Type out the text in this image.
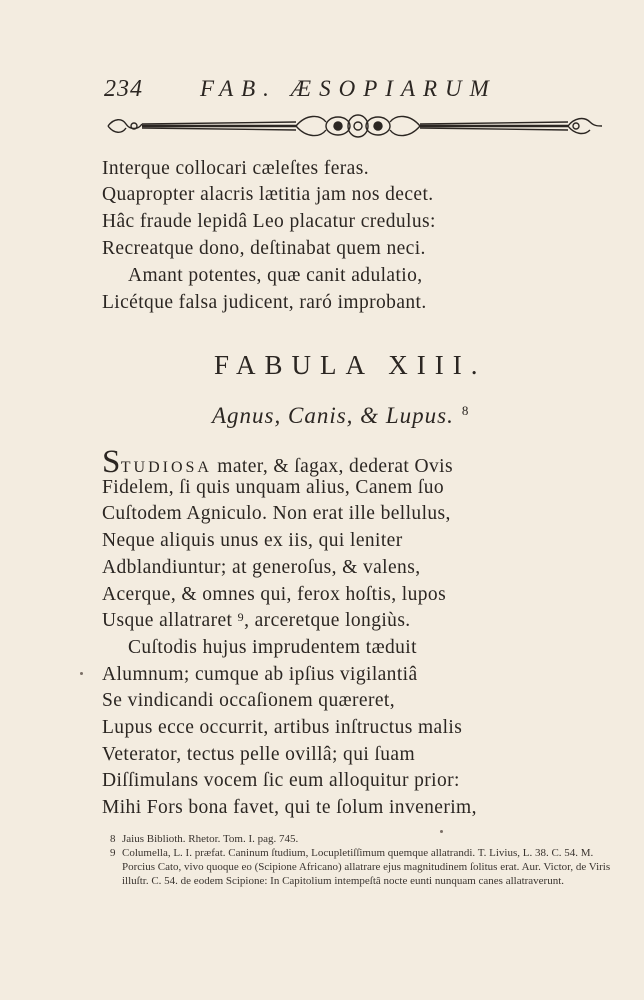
234 FAB. ÆSOPIARUM
Interque collocari cæleſtes feras.
Quapropter alacris lætitia jam nos decet.
Hâc fraude lepidâ Leo placatur credulus:
Recreatque dono, deſtinabat quem neci.
Amant potentes, quæ canit adulatio,
Licétque falsa judicent, raró improbant.
FABULA XIII.
Agnus, Canis, & Lupus. $^8$
STUDIOSA mater, & ſagax, dederat Ovis
Fidelem, ſi quis unquam alius, Canem ſuo
Cuſtodem Agniculo. Non erat ille bellulus,
Neque aliquis unus ex iis, qui leniter
Adblandiuntur; at generoſus, & valens,
Acerque, & omnes qui, ferox hoſtis, lupos
Usque allatraret $^9$, arceretque longiùs.
Cuſtodis hujus imprudentem tæduit
Alumnum; cumque ab ipſius vigilantiâ
Se vindicandi occaſionem quæreret,
Lupus ecce occurrit, artibus inſtructus malis
Veterator, tectus pelle ovillâ; qui ſuam
Diſſimulans vocem ſic eum alloquitur prior:
Mihi Fors bona favet, qui te ſolum invenerim,
8 Jaius Biblioth. Rhetor. Tom. I. pag. 745.
9 Columella, L. I. præfat. Caninum ſtudium, Locupletiſſimum quemque allatrandi. T. Livius, L. 38. C. 54. M. Porcius Cato, vivo quoque eo (Scipione Africano) allatrare ejus magnitudinem ſolitus erat. Aur. Victor, de Viris illuſtr. C. 54. de eodem Scipione: In Capitolium intempeſtâ nocte eunti nunquam canes allatraverunt.
